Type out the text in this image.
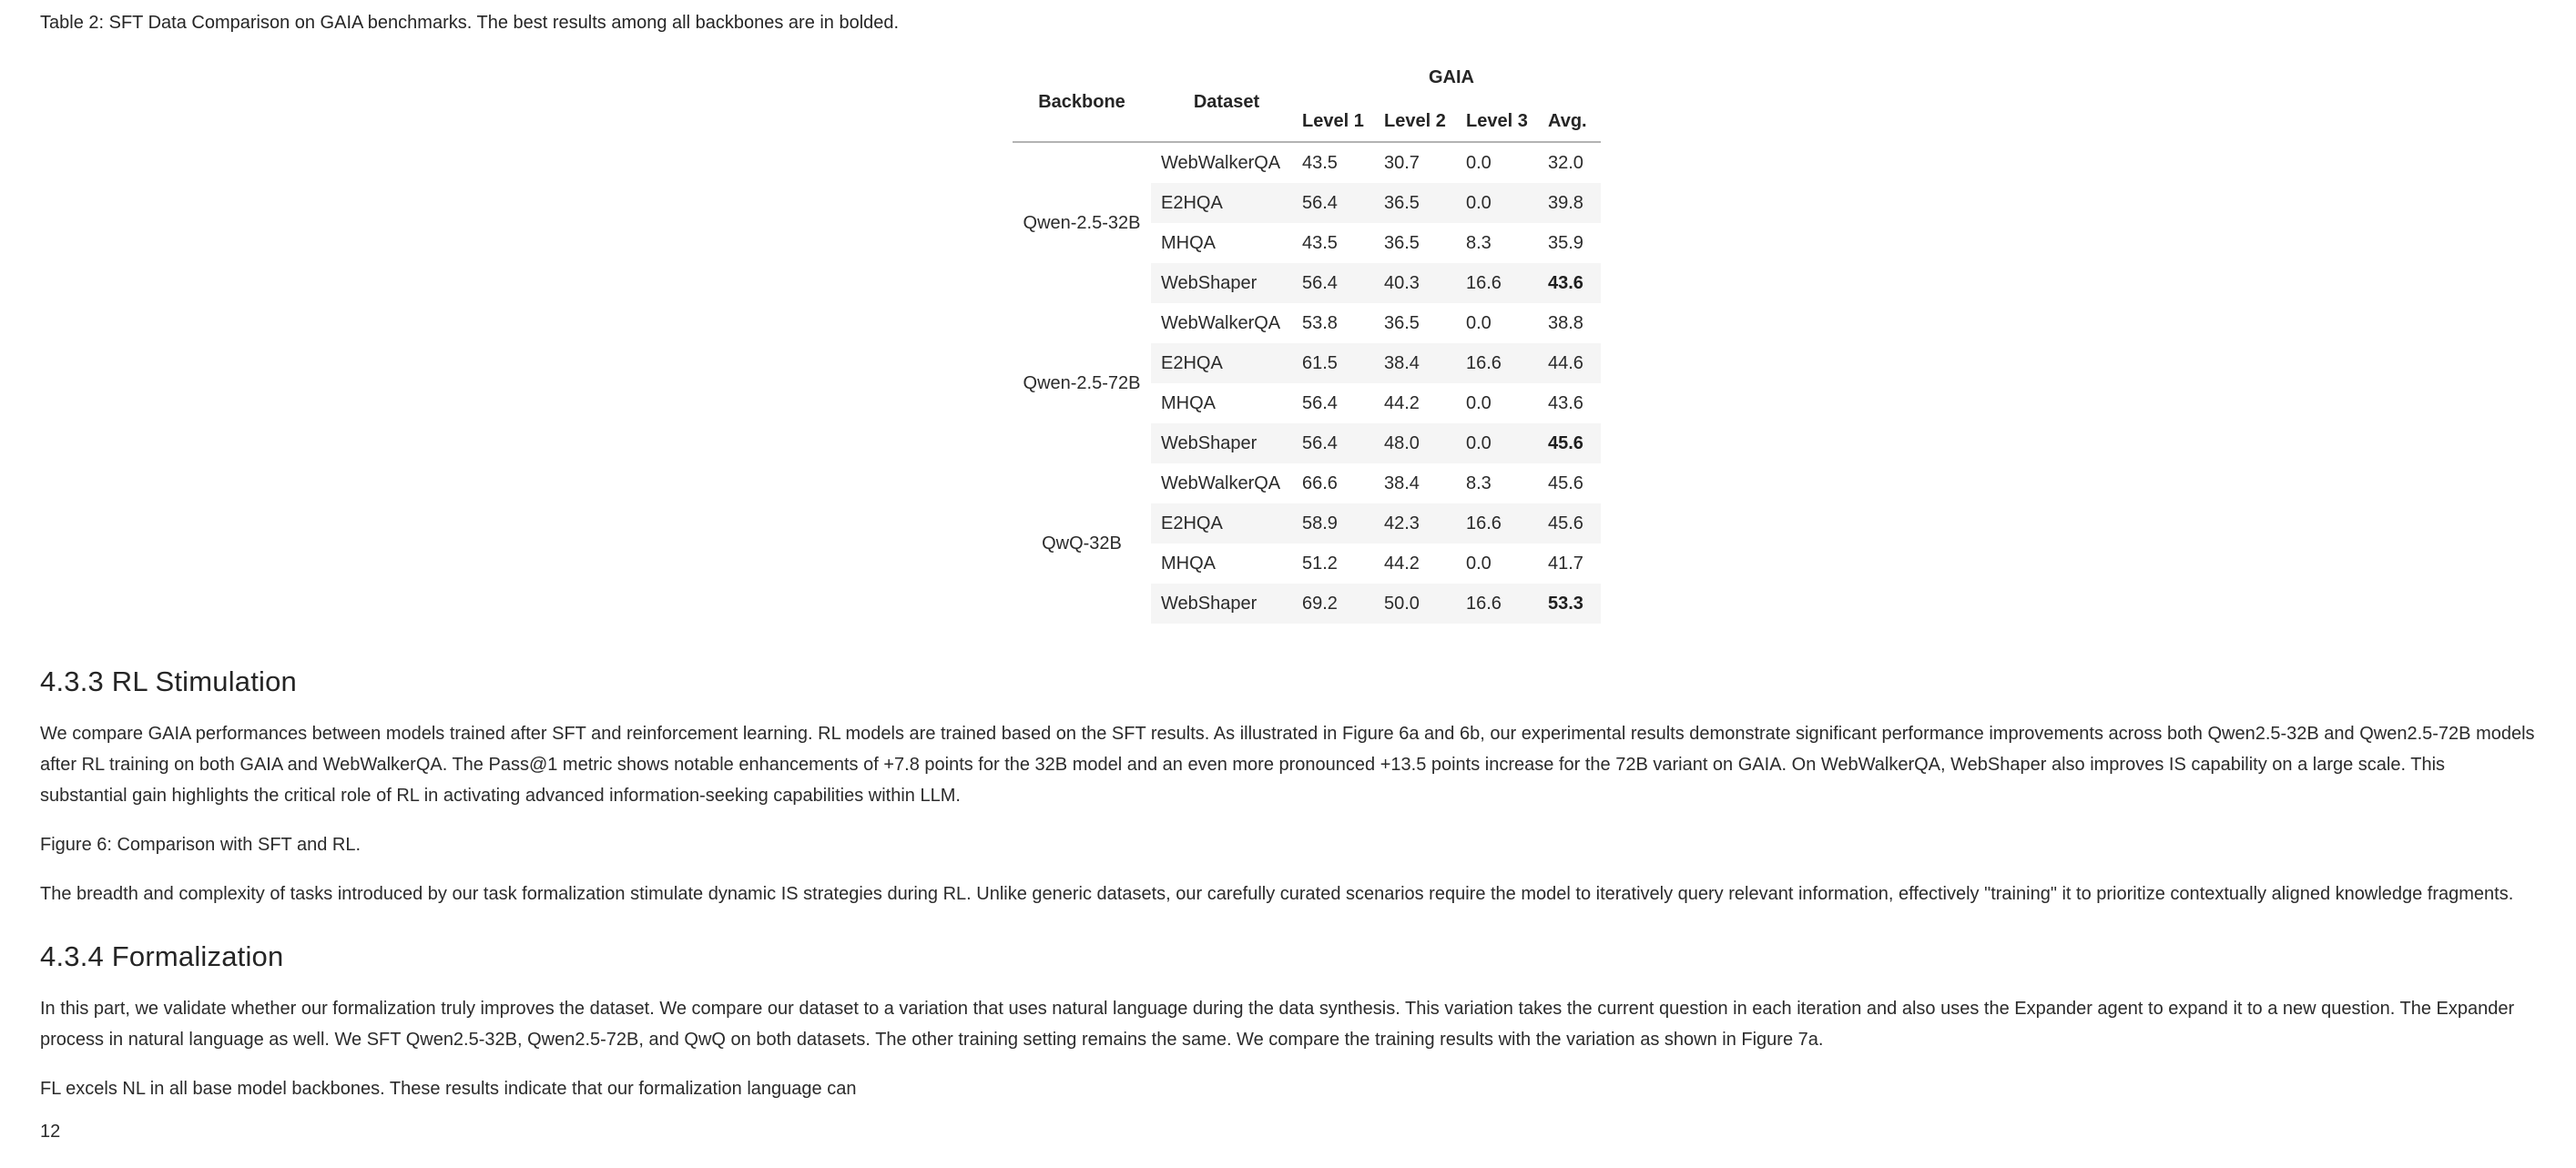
Table 2: SFT Data Comparison on GAIA benchmarks. The best results among all backbones are in bolded.

Backbone	Dataset	GAIA			
		Level 1	Level 2	Level 3	Avg.
Qwen-2.5-32B	WebWalkerQA	43.5	30.7	0.0	32.0
	E2HQA	56.4	36.5	0.0	39.8
	MHQA	43.5	36.5	8.3	35.9
	WebShaper	56.4	40.3	16.6	43.6
Qwen-2.5-72B	WebWalkerQA	53.8	36.5	0.0	38.8
	E2HQA	61.5	38.4	16.6	44.6
	MHQA	56.4	44.2	0.0	43.6
	WebShaper	56.4	48.0	0.0	45.6
QwQ-32B	WebWalkerQA	66.6	38.4	8.3	45.6
	E2HQA	58.9	42.3	16.6	45.6
	MHQA	51.2	44.2	0.0	41.7
	WebShaper	69.2	50.0	16.6	53.3
4.3.3 RL Stimulation

We compare GAIA performances between models trained after SFT and reinforcement learning. RL models are trained based on the SFT results. As illustrated in Figure 6a and 6b, our experimental results demonstrate significant performance improvements across both Qwen2.5-32B and Qwen2.5-72B models after RL training on both GAIA and WebWalkerQA. The Pass@1 metric shows notable enhancements of +7.8 points for the 32B model and an even more pronounced +13.5 points increase for the 72B variant on GAIA. On WebWalkerQA, WebShaper also improves IS capability on a large scale. This substantial gain highlights the critical role of RL in activating advanced information-seeking capabilities within LLM.

Figure 6: Comparison with SFT and RL.

The breadth and complexity of tasks introduced by our task formalization stimulate dynamic IS strategies during RL. Unlike generic datasets, our carefully curated scenarios require the model to iteratively query relevant information, effectively "training" it to prioritize contextually aligned knowledge fragments.

4.3.4 Formalization

In this part, we validate whether our formalization truly improves the dataset. We compare our dataset to a variation that uses natural language during the data synthesis. This variation takes the current question in each iteration and also uses the Expander agent to expand it to a new question. The Expander process in natural language as well. We SFT Qwen2.5-32B, Qwen2.5-72B, and QwQ on both datasets. The other training setting remains the same. We compare the training results with the variation as shown in Figure 7a.

FL excels NL in all base model backbones. These results indicate that our formalization language can

12
